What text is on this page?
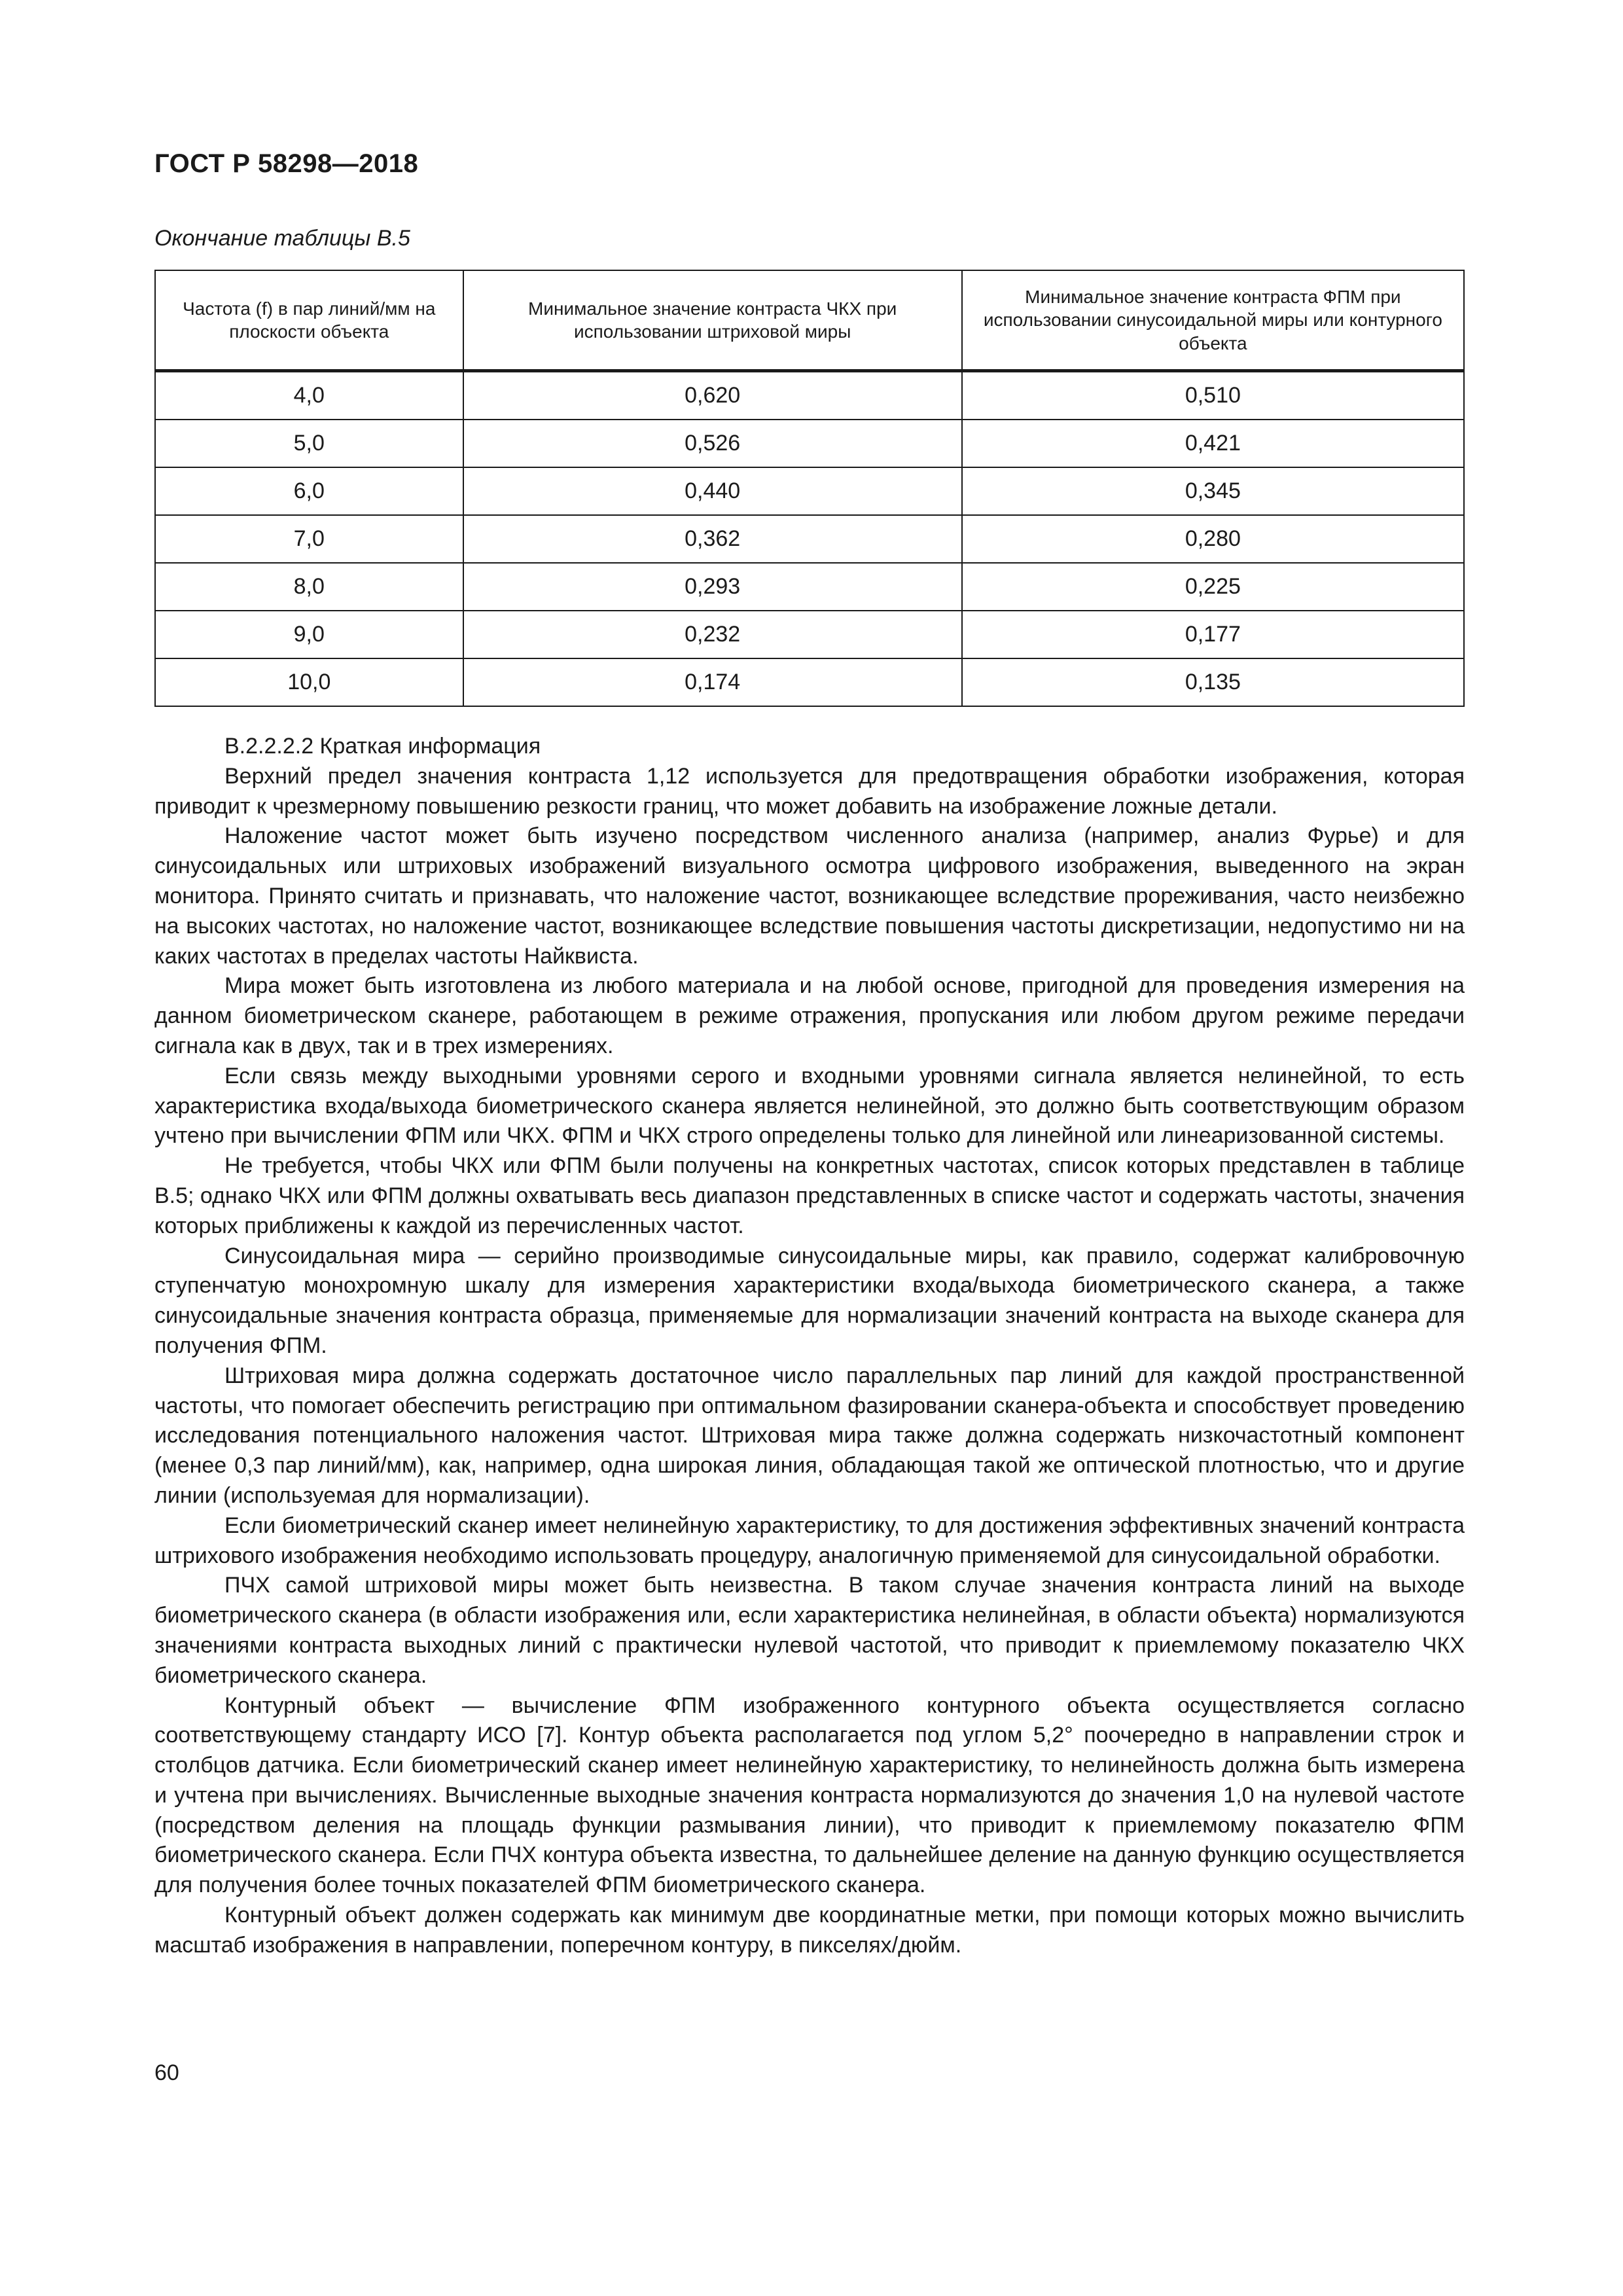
ГОСТ Р 58298—2018
Окончание таблицы В.5
Частота (f) в пар линий/мм на плоскости объекта	Минимальное значение контраста ЧКХ при использовании штриховой миры	Минимальное значение контраста ФПМ при использовании синусоидальной миры или контурного объекта
4,0	0,620	0,510
5,0	0,526	0,421
6,0	0,440	0,345
7,0	0,362	0,280
8,0	0,293	0,225
9,0	0,232	0,177
10,0	0,174	0,135

В.2.2.2.2 Краткая информация

Верхний предел значения контраста 1,12 используется для предотвращения обработки изображения, которая приводит к чрезмерному повышению резкости границ, что может добавить на изображение ложные детали.

Наложение частот может быть изучено посредством численного анализа (например, анализ Фурье) и для синусоидальных или штриховых изображений визуального осмотра цифрового изображения, выведенного на экран монитора. Принято считать и признавать, что наложение частот, возникающее вследствие прореживания, часто неизбежно на высоких частотах, но наложение частот, возникающее вследствие повышения частоты дискретизации, недопустимо ни на каких частотах в пределах частоты Найквиста.

Мира может быть изготовлена из любого материала и на любой основе, пригодной для проведения измерения на данном биометрическом сканере, работающем в режиме отражения, пропускания или любом другом режиме передачи сигнала как в двух, так и в трех измерениях.

Если связь между выходными уровнями серого и входными уровнями сигнала является нелинейной, то есть характеристика входа/выхода биометрического сканера является нелинейной, это должно быть соответствующим образом учтено при вычислении ФПМ или ЧКХ. ФПМ и ЧКХ строго определены только для линейной или линеаризованной системы.

Не требуется, чтобы ЧКХ или ФПМ были получены на конкретных частотах, список которых представлен в таблице В.5; однако ЧКХ или ФПМ должны охватывать весь диапазон представленных в списке частот и содержать частоты, значения которых приближены к каждой из перечисленных частот.

Синусоидальная мира — серийно производимые синусоидальные миры, как правило, содержат калибровочную ступенчатую монохромную шкалу для измерения характеристики входа/выхода биометрического сканера, а также синусоидальные значения контраста образца, применяемые для нормализации значений контраста на выходе сканера для получения ФПМ.

Штриховая мира должна содержать достаточное число параллельных пар линий для каждой пространственной частоты, что помогает обеспечить регистрацию при оптимальном фазировании сканера-объекта и способствует проведению исследования потенциального наложения частот. Штриховая мира также должна содержать низкочастотный компонент (менее 0,3 пар линий/мм), как, например, одна широкая линия, обладающая такой же оптической плотностью, что и другие линии (используемая для нормализации).

Если биометрический сканер имеет нелинейную характеристику, то для достижения эффективных значений контраста штрихового изображения необходимо использовать процедуру, аналогичную применяемой для синусоидальной обработки.

ПЧХ самой штриховой миры может быть неизвестна. В таком случае значения контраста линий на выходе биометрического сканера (в области изображения или, если характеристика нелинейная, в области объекта) нормализуются значениями контраста выходных линий с практически нулевой частотой, что приводит к приемлемому показателю ЧКХ биометрического сканера.

Контурный объект — вычисление ФПМ изображенного контурного объекта осуществляется согласно соответствующему стандарту ИСО [7]. Контур объекта располагается под углом 5,2° поочередно в направлении строк и столбцов датчика. Если биометрический сканер имеет нелинейную характеристику, то нелинейность должна быть измерена и учтена при вычислениях. Вычисленные выходные значения контраста нормализуются до значения 1,0 на нулевой частоте (посредством деления на площадь функции размывания линии), что приводит к приемлемому показателю ФПМ биометрического сканера. Если ПЧХ контура объекта известна, то дальнейшее деление на данную функцию осуществляется для получения более точных показателей ФПМ биометрического сканера.

Контурный объект должен содержать как минимум две координатные метки, при помощи которых можно вычислить масштаб изображения в направлении, поперечном контуру, в пикселях/дюйм.

60
